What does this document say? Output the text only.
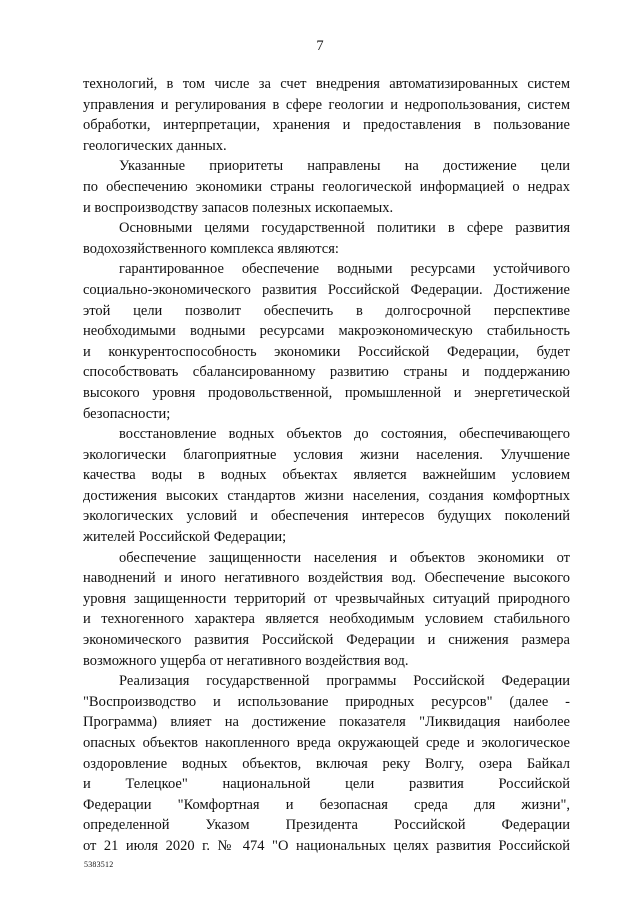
7

технологий, в том числе за счет внедрения автоматизированных систем
управления и регулирования в сфере геологии и недропользования, систем
обработки, интерпретации, хранения и предоставления в пользование
геологических данных.

Указанные приоритеты направлены на достижение цели
по обеспечению экономики страны геологической информацией о недрах
и воспроизводству запасов полезных ископаемых.

Основными целями государственной политики в сфере развития
водохозяйственного комплекса являются:

гарантированное обеспечение водными ресурсами устойчивого
социально-экономического развития Российской Федерации. Достижение
этой цели позволит обеспечить в долгосрочной перспективе
необходимыми водными ресурсами макроэкономическую стабильность
и конкурентоспособность экономики Российской Федерации, будет
способствовать сбалансированному развитию страны и поддержанию
высокого уровня продовольственной, промышленной и энергетической
безопасности;

восстановление водных объектов до состояния, обеспечивающего
экологически благоприятные условия жизни населения. Улучшение
качества воды в водных объектах является важнейшим условием
достижения высоких стандартов жизни населения, создания комфортных
экологических условий и обеспечения интересов будущих поколений
жителей Российской Федерации;

обеспечение защищенности населения и объектов экономики от
наводнений и иного негативного воздействия вод. Обеспечение высокого
уровня защищенности территорий от чрезвычайных ситуаций природного
и техногенного характера является необходимым условием стабильного
экономического развития Российской Федерации и снижения размера
возможного ущерба от негативного воздействия вод.

Реализация государственной программы Российской Федерации
"Воспроизводство и использование природных ресурсов" (далее -
Программа) влияет на достижение показателя "Ликвидация наиболее
опасных объектов накопленного вреда окружающей среде и экологическое
оздоровление водных объектов, включая реку Волгу, озера Байкал
и Телецкое" национальной цели развития Российской
Федерации "Комфортная и безопасная среда для жизни",
определенной Указом Президента Российской Федерации
от 21 июля 2020 г. № 474 "О национальных целях развития Российской

5383512
